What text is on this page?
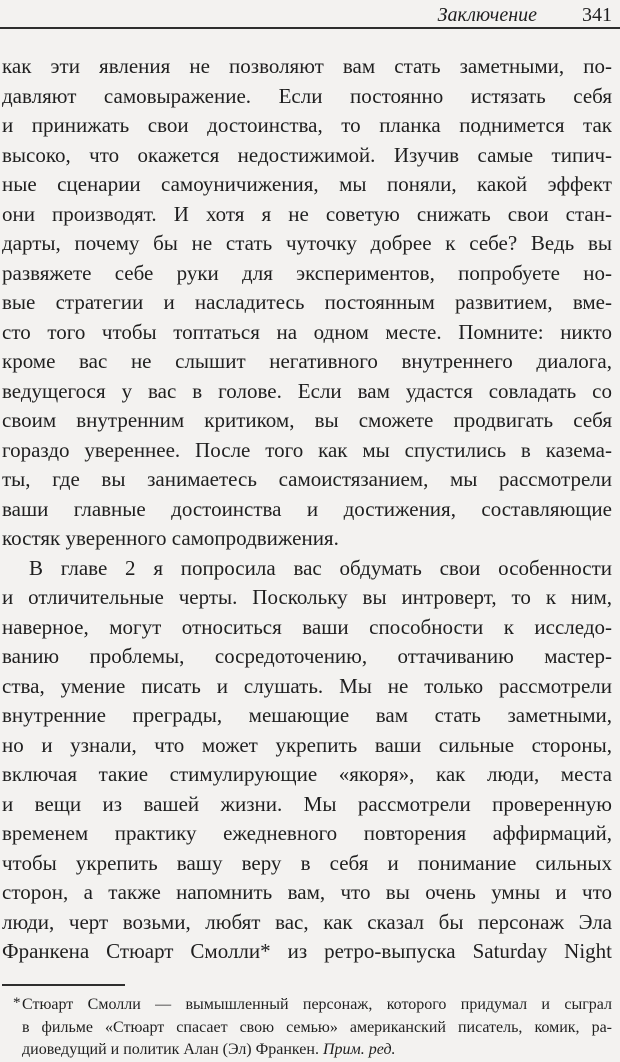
Заключение 341
как эти явления не позволяют вам стать заметными, по-
давляют самовыражение. Если постоянно истязать себя
и принижать свои достоинства, то планка поднимется так
высоко, что окажется недостижимой. Изучив самые типич-
ные сценарии самоуничижения, мы поняли, какой эффект
они производят. И хотя я не советую снижать свои стан-
дарты, почему бы не стать чуточку добрее к себе? Ведь вы
развяжете себе руки для экспериментов, попробуете но-
вые стратегии и насладитесь постоянным развитием, вме-
сто того чтобы топтаться на одном месте. Помните: никто
кроме вас не слышит негативного внутреннего диалога,
ведущегося у вас в голове. Если вам удастся совладать со
своим внутренним критиком, вы сможете продвигать себя
гораздо увереннее. После того как мы спустились в казема-
ты, где вы занимаетесь самоистязанием, мы рассмотрели
ваши главные достоинства и достижения, составляющие
костяк уверенного самопродвижения.
В главе 2 я попросила вас обдумать свои особенности
и отличительные черты. Поскольку вы интроверт, то к ним,
наверное, могут относиться ваши способности к исследо-
ванию проблемы, сосредоточению, оттачиванию мастер-
ства, умение писать и слушать. Мы не только рассмотрели
внутренние преграды, мешающие вам стать заметными,
но и узнали, что может укрепить ваши сильные стороны,
включая такие стимулирующие «якоря», как люди, места
и вещи из вашей жизни. Мы рассмотрели проверенную
временем практику ежедневного повторения аффирмаций,
чтобы укрепить вашу веру в себя и понимание сильных
сторон, а также напомнить вам, что вы очень умны и что
люди, черт возьми, любят вас, как сказал бы персонаж Эла
Франкена Стюарт Смолли* из ретро-выпуска Saturday Night
* Стюарт Смолли — вымышленный персонаж, которого придумал и сыграл
в фильме «Стюарт спасает свою семью» американский писатель, комик, ра-
диоведущий и политик Алан (Эл) Франкен. Прим. ред.
